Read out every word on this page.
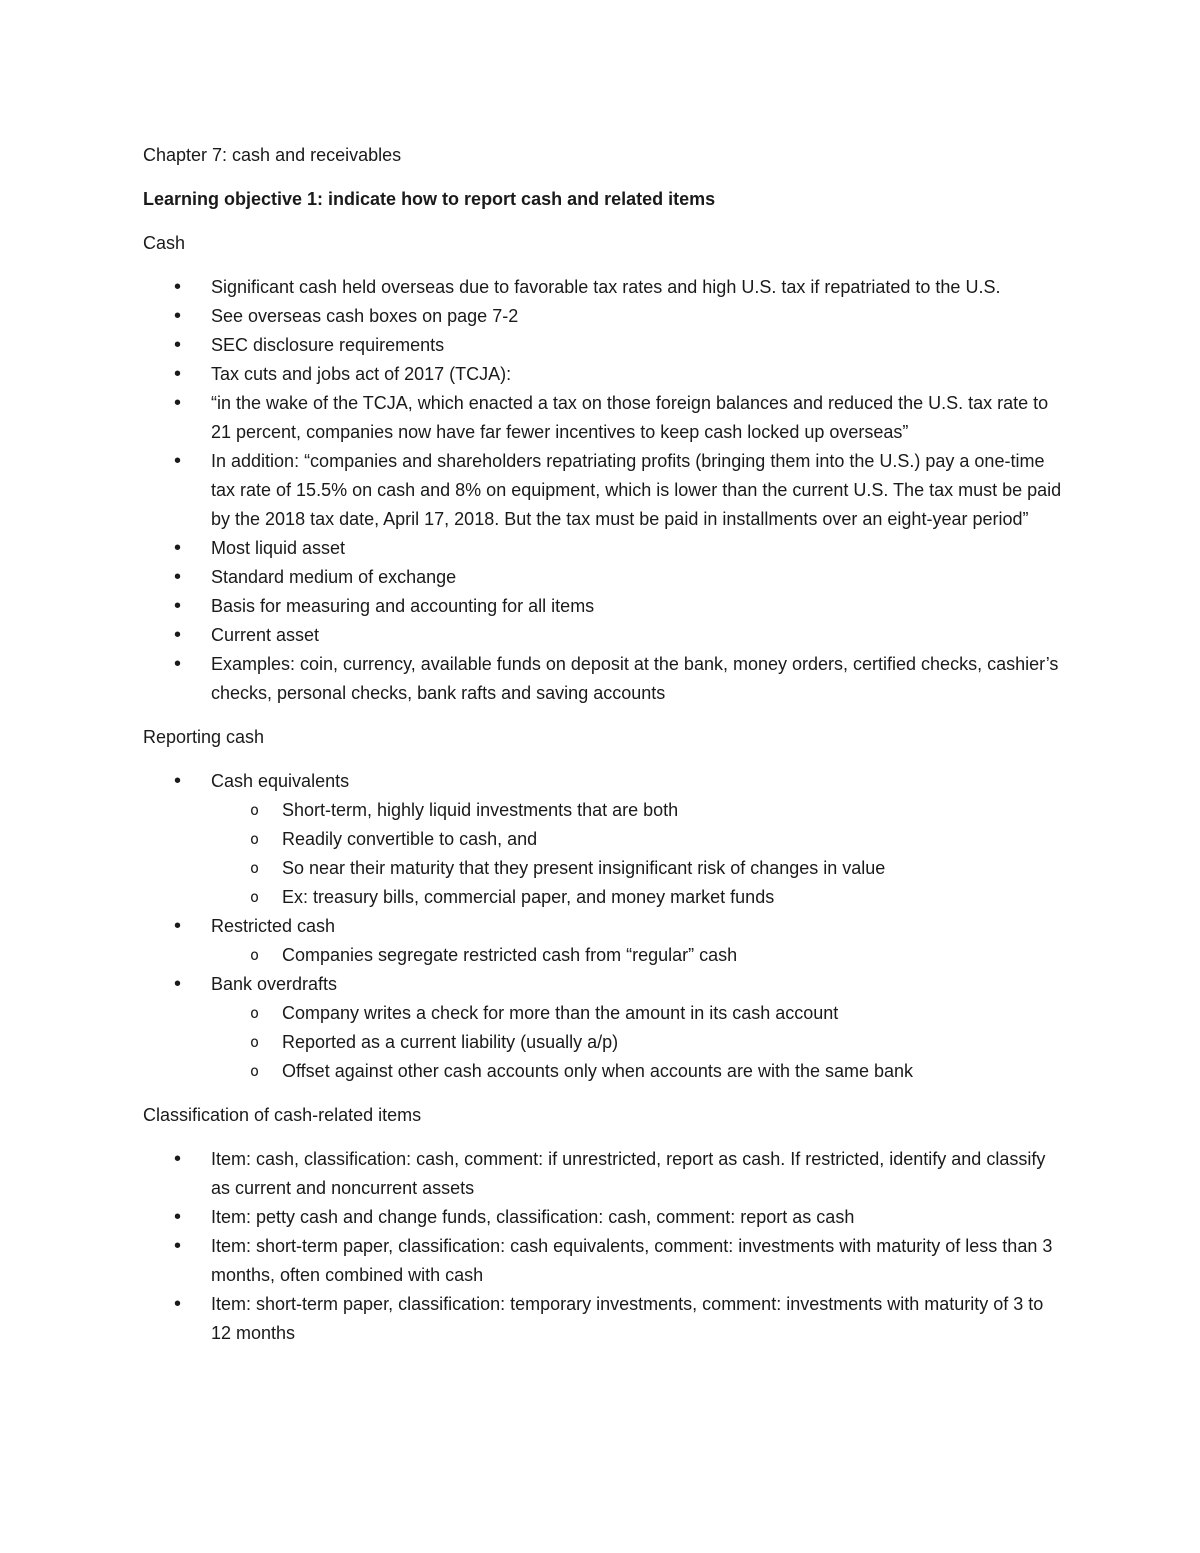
Chapter 7: cash and receivables

Learning objective 1: indicate how to report cash and related items

Cash

• Significant cash held overseas due to favorable tax rates and high U.S. tax if repatriated to the U.S.
• See overseas cash boxes on page 7-2
• SEC disclosure requirements
• Tax cuts and jobs act of 2017 (TCJA):
• “in the wake of the TCJA, which enacted a tax on those foreign balances and reduced the U.S. tax rate to 21 percent, companies now have far fewer incentives to keep cash locked up overseas”
• In addition: “companies and shareholders repatriating profits (bringing them into the U.S.) pay a one-time tax rate of 15.5% on cash and 8% on equipment, which is lower than the current U.S. The tax must be paid by the 2018 tax date, April 17, 2018. But the tax must be paid in installments over an eight-year period”
• Most liquid asset
• Standard medium of exchange
• Basis for measuring and accounting for all items
• Current asset
• Examples: coin, currency, available funds on deposit at the bank, money orders, certified checks, cashier’s checks, personal checks, bank rafts and saving accounts

Reporting cash

• Cash equivalents
o Short-term, highly liquid investments that are both
o Readily convertible to cash, and
o So near their maturity that they present insignificant risk of changes in value
o Ex: treasury bills, commercial paper, and money market funds
• Restricted cash
o Companies segregate restricted cash from “regular” cash
• Bank overdrafts
o Company writes a check for more than the amount in its cash account
o Reported as a current liability (usually a/p)
o Offset against other cash accounts only when accounts are with the same bank

Classification of cash-related items

• Item: cash, classification: cash, comment: if unrestricted, report as cash. If restricted, identify and classify as current and noncurrent assets
• Item: petty cash and change funds, classification: cash, comment: report as cash
• Item: short-term paper, classification: cash equivalents, comment: investments with maturity of less than 3 months, often combined with cash
• Item: short-term paper, classification: temporary investments, comment: investments with maturity of 3 to 12 months
